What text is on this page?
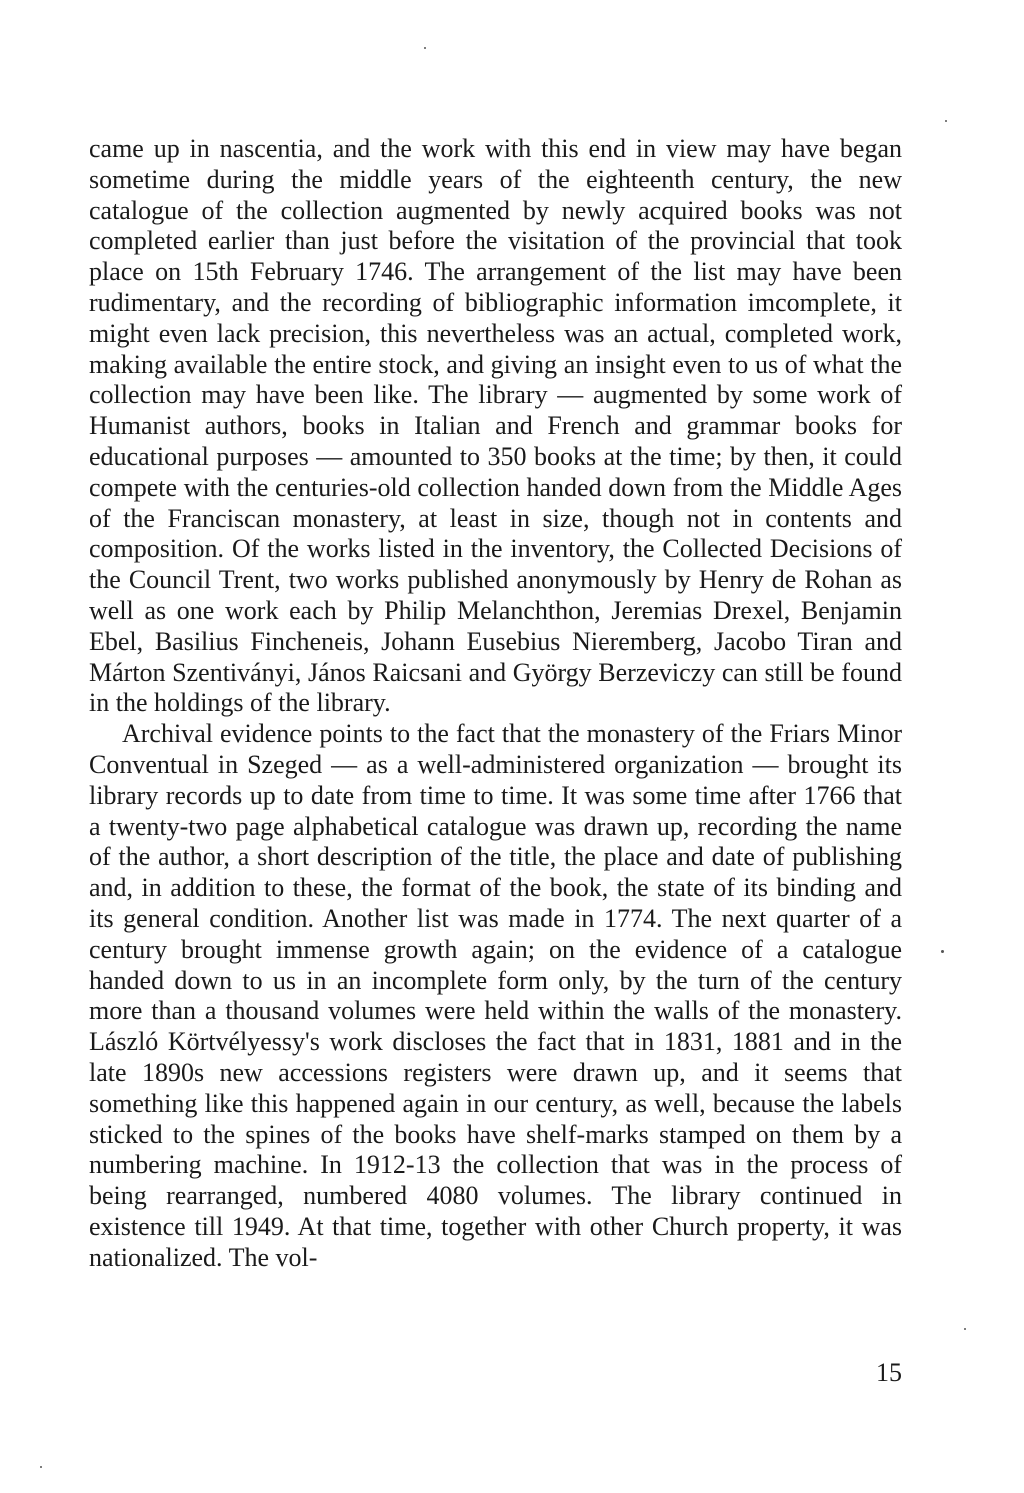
came up in nascentia, and the work with this end in view may have began sometime during the middle years of the eighteenth century, the new catalogue of the collection augmented by newly acquired books was not completed earlier than just before the visitation of the provincial that took place on 15th February 1746. The arrangement of the list may have been rudimentary, and the recording of bibliographic information imcomplete, it might even lack precision, this nevertheless was an actual, completed work, making available the entire stock, and giving an insight even to us of what the collection may have been like. The library — augmented by some work of Humanist authors, books in Italian and French and grammar books for educational purposes — amounted to 350 books at the time; by then, it could compete with the centuries-old collection handed down from the Middle Ages of the Franciscan monastery, at least in size, though not in contents and composition. Of the works listed in the inventory, the Collected Decisions of the Council Trent, two works published anonymously by Henry de Rohan as well as one work each by Philip Melanchthon, Jeremias Drexel, Benjamin Ebel, Basilius Fincheneis, Johann Eusebius Nieremberg, Jacobo Tiran and Márton Szentiványi, János Raicsani and György Berzeviczy can still be found in the holdings of the library.

Archival evidence points to the fact that the monastery of the Friars Minor Conventual in Szeged — as a well-administered organization — brought its library records up to date from time to time. It was some time after 1766 that a twenty-two page alphabetical catalogue was drawn up, recording the name of the author, a short description of the title, the place and date of publishing and, in addition to these, the format of the book, the state of its binding and its general condition. Another list was made in 1774. The next quarter of a century brought immense growth again; on the evidence of a catalogue handed down to us in an incomplete form only, by the turn of the century more than a thousand volumes were held within the walls of the monastery. László Körtvélyessy's work discloses the fact that in 1831, 1881 and in the late 1890s new accessions registers were drawn up, and it seems that something like this happened again in our century, as well, because the labels sticked to the spines of the books have shelf-marks stamped on them by a numbering machine. In 1912-13 the collection that was in the process of being rearranged, numbered 4080 volumes. The library continued in existence till 1949. At that time, together with other Church property, it was nationalized. The vol-

15
